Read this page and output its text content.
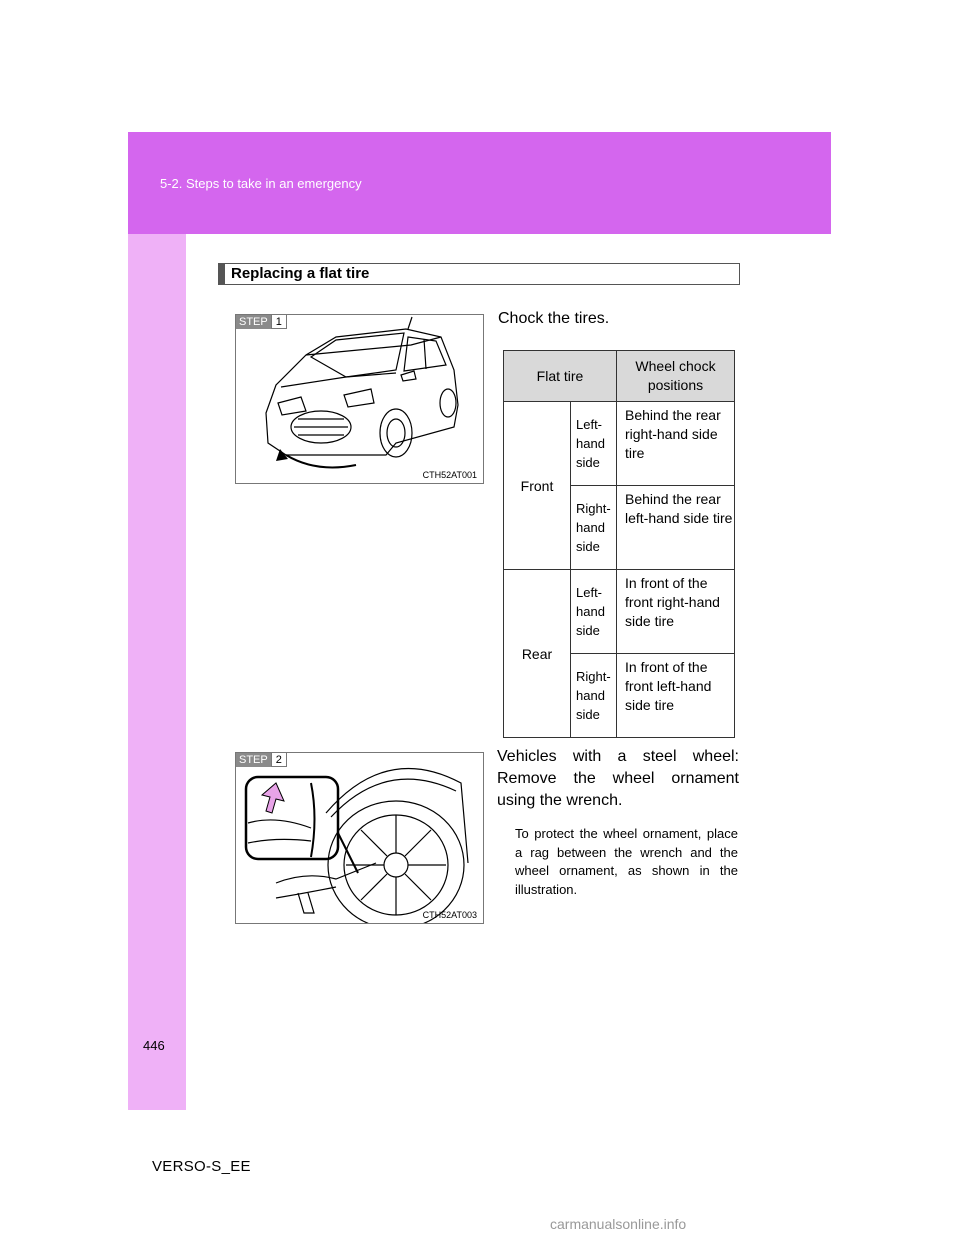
5-2. Steps to take in an emergency
Replacing a flat tire
STEP 1
CTH52AT001
Chock the tires.
Flat tire		Wheel chock positions
Front	Left-hand side	Behind the rear right-hand side tire
	Right-hand side	Behind the rear left-hand side tire
Rear	Left-hand side	In front of the front right-hand side tire
	Right-hand side	In front of the front left-hand side tire
STEP 2
CTH52AT003
Vehicles with a steel wheel: Remove the wheel ornament using the wrench.
To protect the wheel ornament, place a rag between the wrench and the wheel ornament, as shown in the illustration.
446
VERSO-S_EE
carmanualsonline.info
